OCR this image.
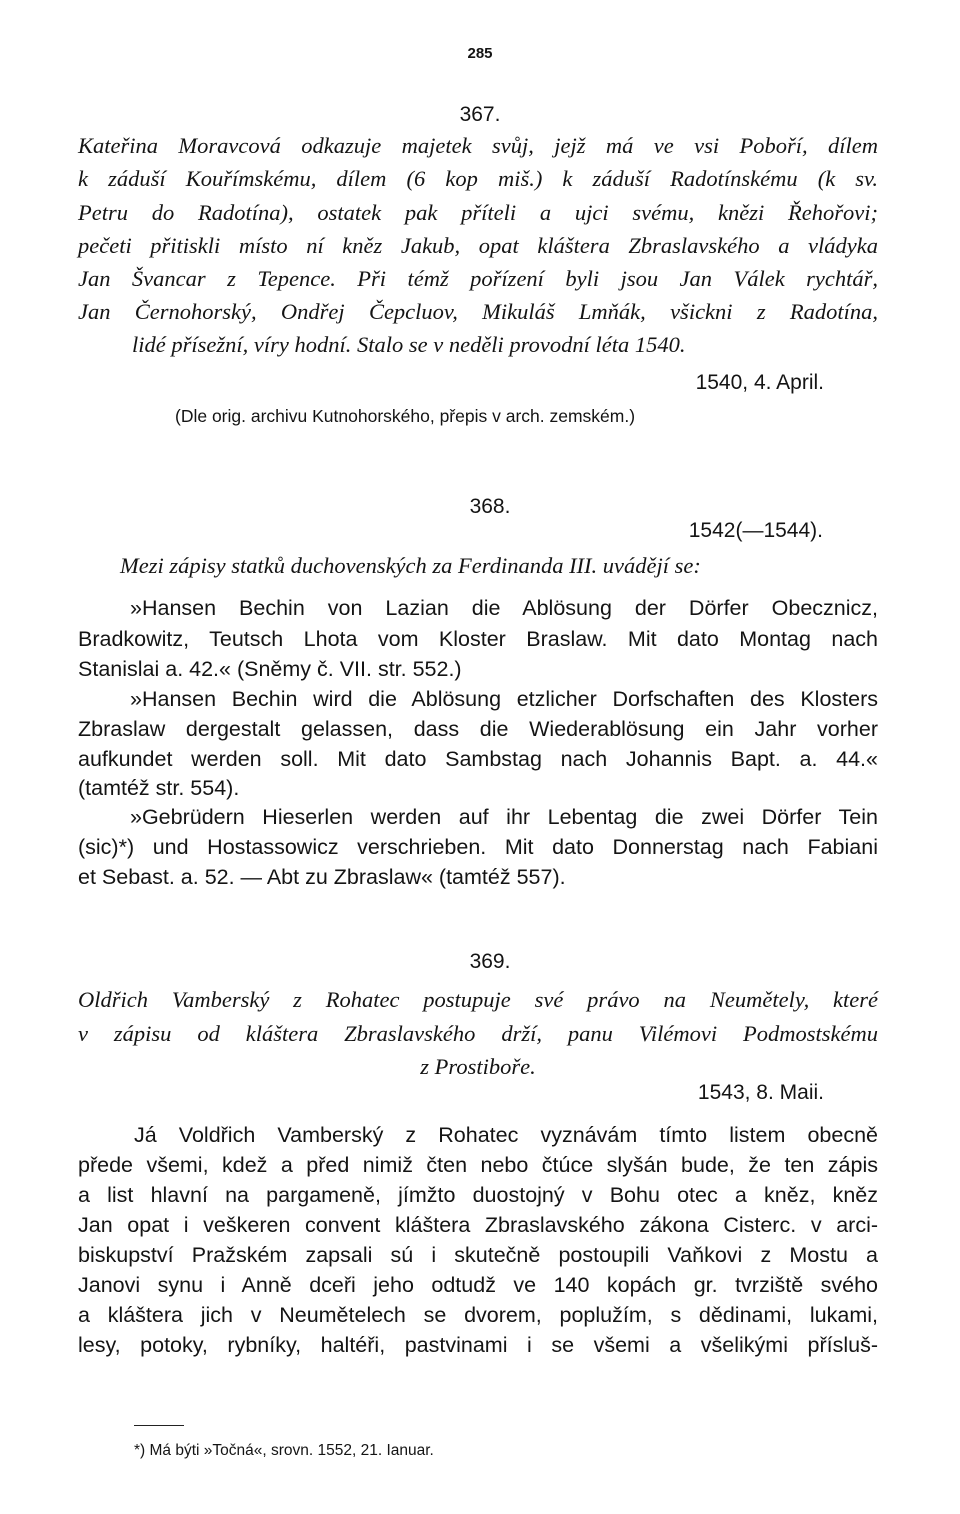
285
367.
Kateřina Moravcová odkazuje majetek svůj, jejž má ve vsi Poboří, dílem
k záduší Kouřímskému, dílem (6 kop miš.) k záduší Radotínskému (k sv.
Petru do Radotína), ostatek pak příteli a ujci svému, knězi Řehořovi;
pečeti přitiskli místo ní kněz Jakub, opat kláštera Zbraslavského a vládyka
Jan Švancar z Tepence. Při témž pořízení byli jsou Jan Válek rychtář,
Jan Černohorský, Ondřej Čepcluov, Mikuláš Lmňák, všickni z Radotína,
lidé přísežní, víry hodní. Stalo se v neděli provodní léta 1540.
1540, 4. April.
(Dle orig. archivu Kutnohorského, přepis v arch. zemském.)
368.
1542(—1544).
Mezi zápisy statků duchovenských za Ferdinanda III. uvádějí se:
»Hansen Bechin von Lazian die Ablösung der Dörfer Obecznicz,
Bradkowitz, Teutsch Lhota vom Kloster Braslaw. Mit dato Montag nach
Stanislai a. 42.« (Sněmy č. VII. str. 552.)
»Hansen Bechin wird die Ablösung etzlicher Dorfschaften des Klosters
Zbraslaw dergestalt gelassen, dass die Wiederablösung ein Jahr vorher
aufkundet werden soll. Mit dato Sambstag nach Johannis Bapt. a. 44.«
(tamtéž str. 554).
»Gebrüdern Hieserlen werden auf ihr Lebentag die zwei Dörfer Tein
(sic)*) und Hostassowicz verschrieben. Mit dato Donnerstag nach Fabiani
et Sebast. a. 52. — Abt zu Zbraslaw« (tamtéž 557).
369.
Oldřich Vamberský z Rohatec postupuje své právo na Neumětely, které
v zápisu od kláštera Zbraslavského drží, panu Vilémovi Podmostskému
z Prostiboře.
1543, 8. Maii.
Já Voldřich Vamberský z Rohatec vyznávám tímto listem obecně
přede všemi, kdež a před nimiž čten nebo čtúce slyšán bude, že ten zápis
a list hlavní na pargameně, jímžto duostojný v Bohu otec a kněz, kněz
Jan opat i veškeren convent kláštera Zbraslavského zákona Cisterc. v arci-
biskupství Pražském zapsali sú i skutečně postoupili Vaňkovi z Mostu a
Janovi synu i Anně dceři jeho odtudž ve 140 kopách gr. tvrziště svého
a kláštera jich v Neumětelech se dvorem, poplužím, s dědinami, lukami,
lesy, potoky, rybníky, haltéři, pastvinami i se všemi a všelikými přísluš-
*) Má býti »Točná«, srovn. 1552, 21. Ianuar.
